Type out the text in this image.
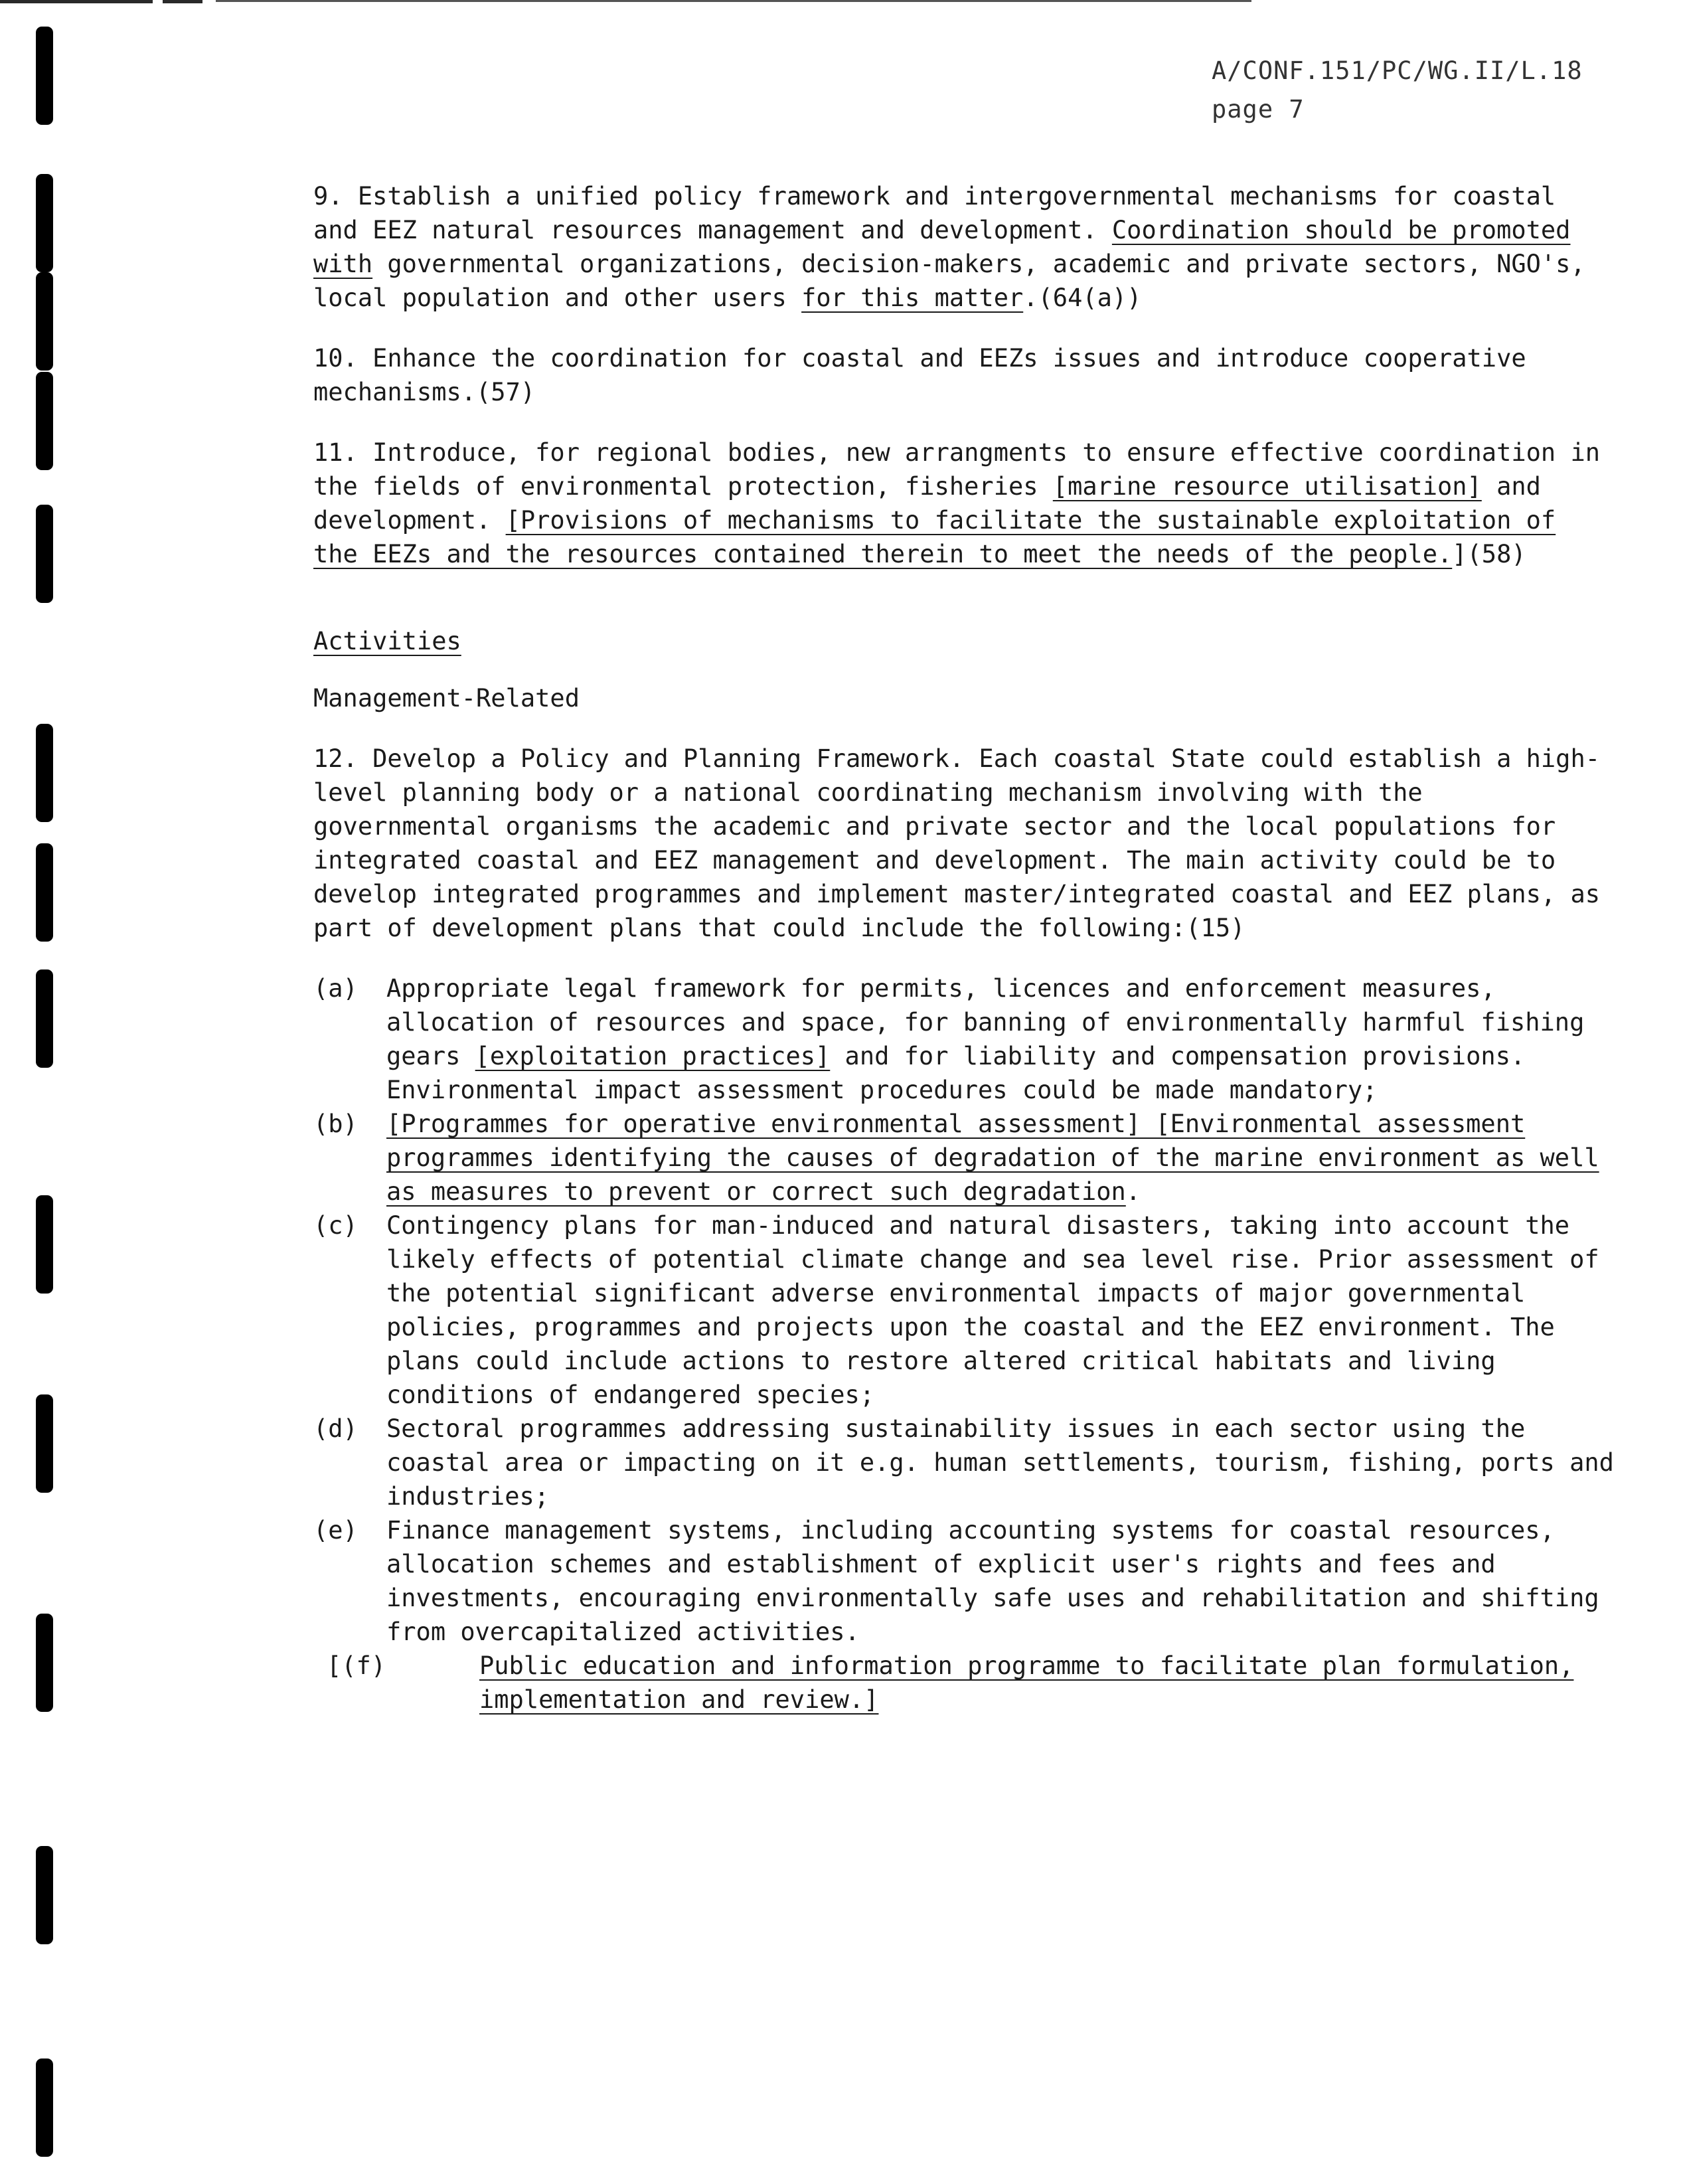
A/CONF.151/PC/WG.II/L.18
page 7
9. Establish a unified policy framework and intergovernmental mechanisms for coastal and EEZ natural resources management and development. Coordination should be promoted with governmental organizations, decision-makers, academic and private sectors, NGO's, local population and other users for this matter.(64(a))
10. Enhance the coordination for coastal and EEZs issues and introduce cooperative mechanisms.(57)
11. Introduce, for regional bodies, new arrangments to ensure effective coordination in the fields of environmental protection, fisheries [marine resource utilisation] and development. [Provisions of mechanisms to facilitate the sustainable exploitation of the EEZs and the resources contained therein to meet the needs of the people.](58)
Activities
Management-Related
12. Develop a Policy and Planning Framework. Each coastal State could establish a high-level planning body or a national coordinating mechanism involving with the governmental organisms the academic and private sector and the local populations for integrated coastal and EEZ management and development. The main activity could be to develop integrated programmes and implement master/integrated coastal and EEZ plans, as part of development plans that could include the following:(15)
(a)	Appropriate legal framework for permits, licences and enforcement measures, allocation of resources and space, for banning of environmentally harmful fishing gears [exploitation practices] and for liability and compensation provisions. Environmental impact assessment procedures could be made mandatory;
(b)	[Programmes for operative environmental assessment] [Environmental assessment programmes identifying the causes of degradation of the marine environment as well as measures to prevent or correct such degradation.
(c)	Contingency plans for man-induced and natural disasters, taking into account the likely effects of potential climate change and sea level rise. Prior assessment of the potential significant adverse environmental impacts of major governmental policies, programmes and projects upon the coastal and the EEZ environment. The plans could include actions to restore altered critical habitats and living conditions of endangered species;
(d)	Sectoral programmes addressing sustainability issues in each sector using the coastal area or impacting on it e.g. human settlements, tourism, fishing, ports and industries;
(e)	Finance management systems, including accounting systems for coastal resources, allocation schemes and establishment of explicit user's rights and fees and investments, encouraging environmentally safe uses and rehabilitation and shifting from overcapitalized activities.
[(f)	Public education and information programme to facilitate plan formulation, implementation and review.]
